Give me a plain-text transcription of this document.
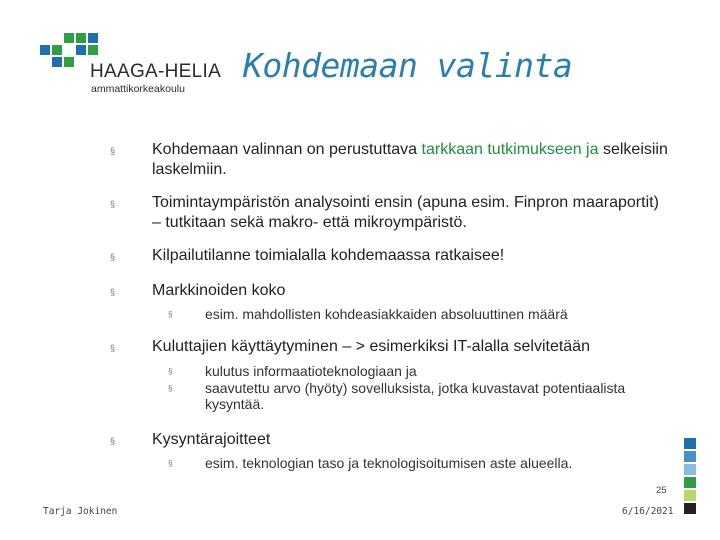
HAAGA-HELIA
ammattikorkeakoulu
Kohdemaan valinta
§ Kohdemaan valinnan on perustuttava tarkkaan tutkimukseen ja selkeisiin laskelmiin.
§ Toimintaympäristön analysointi ensin (apuna esim. Finpron maaraportit) – tutkitaan sekä makro- että mikroympäristö.
§ Kilpailutilanne toimialalla kohdemaassa ratkaisee!
§ Markkinoiden koko
§ esim. mahdollisten kohdeasiakkaiden absoluuttinen määrä
§ Kuluttajien käyttäytyminen – > esimerkiksi IT-alalla selvitetään
§ kulutus informaatioteknologiaan ja
§ saavutettu arvo (hyöty) sovelluksista, jotka kuvastavat potentiaalista kysyntää.
§ Kysyntärajoitteet
§ esim. teknologian taso ja teknologisoitumisen aste alueella.
Tarja Jokinen
25
6/16/2021
